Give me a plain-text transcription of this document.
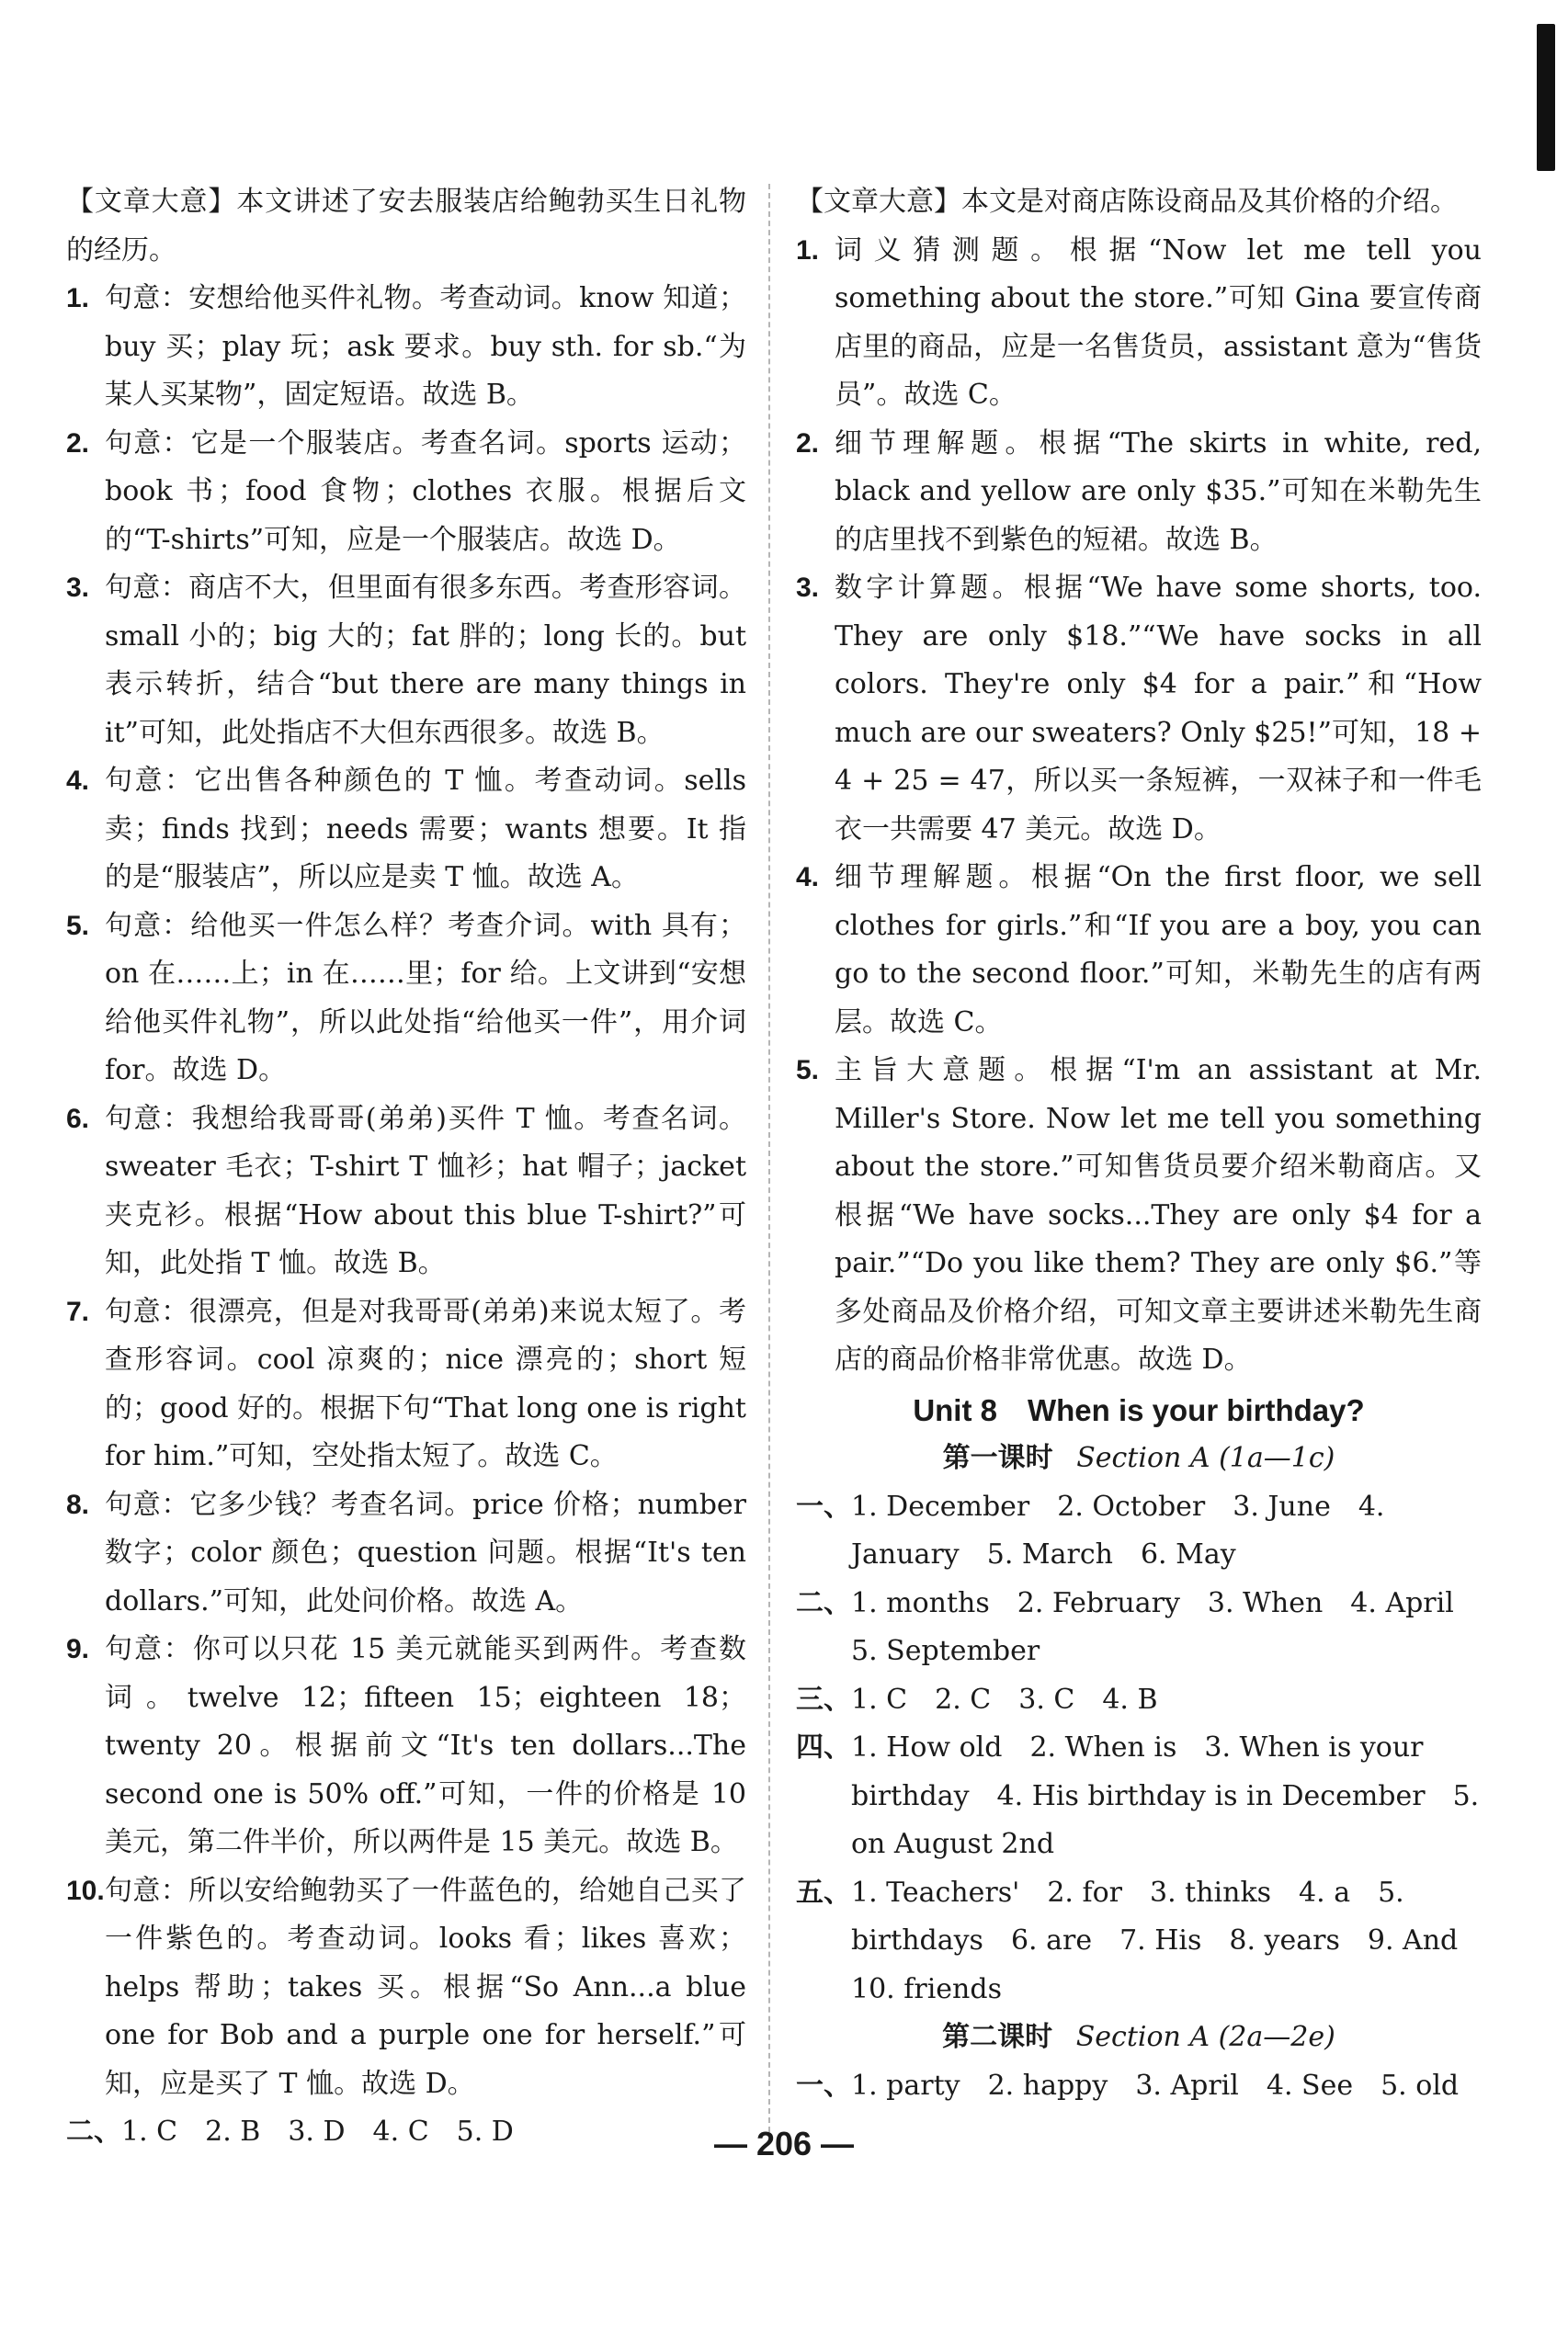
【文章大意】本文讲述了安去服装店给鲍勃买生日礼物的经历。

1. 句意：安想给他买件礼物。考查动词。know 知道；buy 买；play 玩；ask 要求。buy sth. for sb.“为某人买某物”，固定短语。故选 B。
2. 句意：它是一个服装店。考查名词。sports 运动；book 书；food 食物；clothes 衣服。根据后文的“T-shirts”可知，应是一个服装店。故选 D。
3. 句意：商店不大，但里面有很多东西。考查形容词。small 小的；big 大的；fat 胖的；long 长的。but 表示转折，结合“but there are many things in it”可知，此处指店不大但东西很多。故选 B。
4. 句意：它出售各种颜色的 T 恤。考查动词。sells 卖；finds 找到；needs 需要；wants 想要。It 指的是“服装店”，所以应是卖 T 恤。故选 A。
5. 句意：给他买一件怎么样？考查介词。with 具有；on 在……上；in 在……里；for 给。上文讲到“安想给他买件礼物”，所以此处指“给他买一件”，用介词 for。故选 D。
6. 句意：我想给我哥哥(弟弟)买件 T 恤。考查名词。sweater 毛衣；T-shirt T 恤衫；hat 帽子；jacket 夹克衫。根据“How about this blue T-shirt?”可知，此处指 T 恤。故选 B。
7. 句意：很漂亮，但是对我哥哥(弟弟)来说太短了。考查形容词。cool 凉爽的；nice 漂亮的；short 短的；good 好的。根据下句“That long one is right for him.”可知，空处指太短了。故选 C。
8. 句意：它多少钱？考查名词。price 价格；number 数字；color 颜色；question 问题。根据“It's ten dollars.”可知，此处问价格。故选 A。
9. 句意：你可以只花 15 美元就能买到两件。考查数词。twelve 12；fifteen 15；eighteen 18；twenty 20。根据前文“It's ten dollars...The second one is 50% off.”可知，一件的价格是 10 美元，第二件半价，所以两件是 15 美元。故选 B。
10. 句意：所以安给鲍勃买了一件蓝色的，给她自己买了一件紫色的。考查动词。looks 看；likes 喜欢；helps 帮助；takes 买。根据“So Ann...a blue one for Bob and a purple one for herself.”可知，应是买了 T 恤。故选 D。
二、 1. C　2. B　3. D　4. C　5. D

【文章大意】本文是对商店陈设商品及其价格的介绍。

1. 词义猜测题。根据“Now let me tell you something about the store.”可知 Gina 要宣传商店里的商品，应是一名售货员，assistant 意为“售货员”。故选 C。
2. 细节理解题。根据“The skirts in white, red, black and yellow are only $35.”可知在米勒先生的店里找不到紫色的短裙。故选 B。
3. 数字计算题。根据“We have some shorts, too. They are only $18.”“We have socks in all colors. They're only $4 for a pair.”和“How much are our sweaters? Only $25!”可知，18 + 4 + 25 = 47，所以买一条短裤，一双袜子和一件毛衣一共需要 47 美元。故选 D。
4. 细节理解题。根据“On the first floor, we sell clothes for girls.”和“If you are a boy, you can go to the second floor.”可知，米勒先生的店有两层。故选 C。
5. 主旨大意题。根据“I'm an assistant at Mr. Miller's Store. Now let me tell you something about the store.”可知售货员要介绍米勒商店。又根据“We have socks...They are only $4 for a pair.”“Do you like them? They are only $6.”等多处商品及价格介绍，可知文章主要讲述米勒先生商店的商品价格非常优惠。故选 D。

Unit 8　When is your birthday?

第一课时 Section A (1a—1c)

一、 1. December　2. October　3. June　4. January　5. March　6. May
二、 1. months　2. February　3. When　4. April　5. September
三、 1. C　2. C　3. C　4. B
四、 1. How old　2. When is　3. When is your birthday　4. His birthday is in December　5. on August 2nd
五、 1. Teachers'　2. for　3. thinks　4. a　5. birthdays　6. are　7. His　8. years　9. And　10. friends

第二课时 Section A (2a—2e)

一、 1. party　2. happy　3. April　4. See　5. old
— 206 —
